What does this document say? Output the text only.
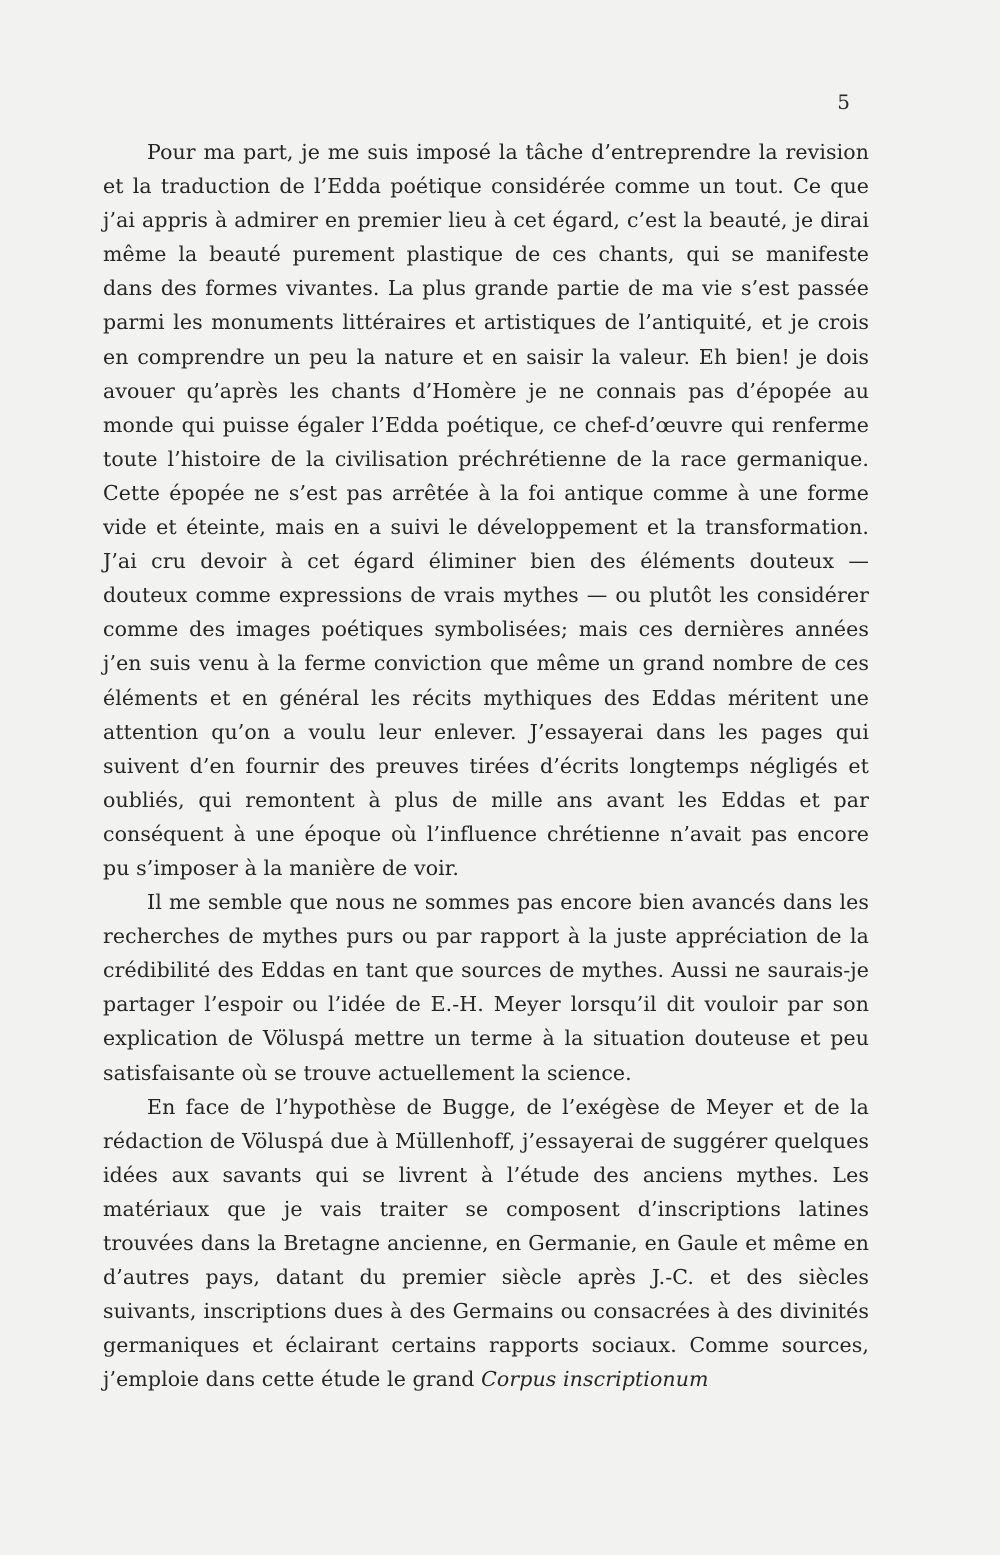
5

Pour ma part, je me suis imposé la tâche d’entreprendre la revision et la traduction de l’Edda poétique considérée comme un tout. Ce que j’ai appris à admirer en premier lieu à cet égard, c’est la beauté, je dirai même la beauté purement plastique de ces chants, qui se manifeste dans des formes vivantes. La plus grande partie de ma vie s’est passée parmi les monuments littéraires et artistiques de l’antiquité, et je crois en comprendre un peu la nature et en saisir la valeur. Eh bien! je dois avouer qu’après les chants d’Homère je ne connais pas d’épopée au monde qui puisse égaler l’Edda poétique, ce chef-d’œuvre qui renferme toute l’histoire de la civilisation préchrétienne de la race germanique. Cette épopée ne s’est pas arrêtée à la foi antique comme à une forme vide et éteinte, mais en a suivi le développement et la transformation. J’ai cru devoir à cet égard éliminer bien des éléments douteux — douteux comme expressions de vrais mythes — ou plutôt les considérer comme des images poétiques symbolisées; mais ces dernières années j’en suis venu à la ferme conviction que même un grand nombre de ces éléments et en général les récits mythiques des Eddas méritent une attention qu’on a voulu leur enlever. J’essayerai dans les pages qui suivent d’en fournir des preuves tirées d’écrits longtemps négligés et oubliés, qui remontent à plus de mille ans avant les Eddas et par conséquent à une époque où l’influence chrétienne n’avait pas encore pu s’imposer à la manière de voir.

Il me semble que nous ne sommes pas encore bien avancés dans les recherches de mythes purs ou par rapport à la juste appréciation de la crédibilité des Eddas en tant que sources de mythes. Aussi ne saurais-je partager l’espoir ou l’idée de E.-H. Meyer lorsqu’il dit vouloir par son explication de Völuspá mettre un terme à la situation douteuse et peu satisfaisante où se trouve actuellement la science.

En face de l’hypothèse de Bugge, de l’exégèse de Meyer et de la rédaction de Völuspá due à Müllenhoff, j’essayerai de suggérer quelques idées aux savants qui se livrent à l’étude des anciens mythes. Les matériaux que je vais traiter se composent d’inscriptions latines trouvées dans la Bretagne ancienne, en Germanie, en Gaule et même en d’autres pays, datant du premier siècle après J.-C. et des siècles suivants, inscriptions dues à des Germains ou consacrées à des divinités germaniques et éclairant certains rapports sociaux. Comme sources, j’emploie dans cette étude le grand Corpus inscriptionum
